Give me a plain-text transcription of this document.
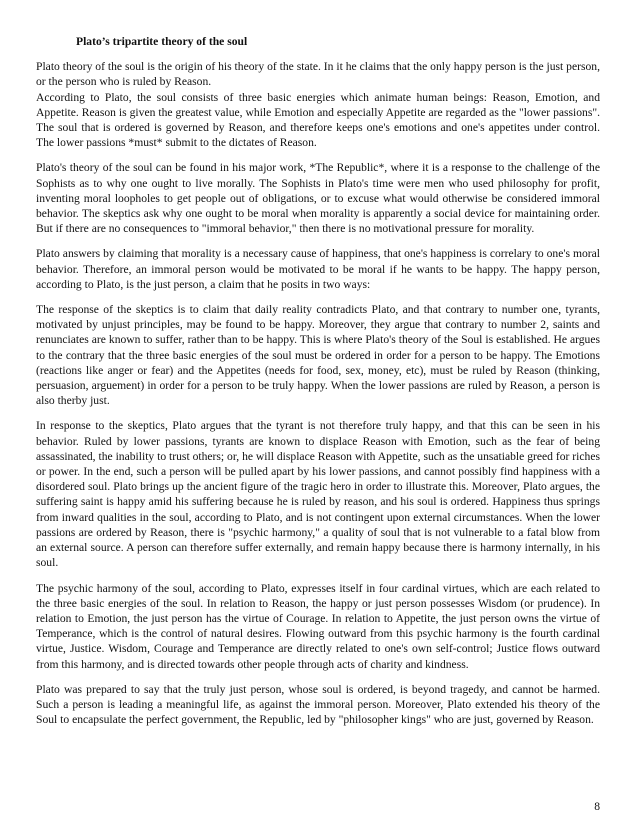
Plato’s tripartite theory of the soul

Plato theory of the soul is the origin of his theory of the state. In it he claims that the only happy person is the just person, or the person who is ruled by Reason.

According to Plato, the soul consists of three basic energies which animate human beings: Reason, Emotion, and Appetite. Reason is given the greatest value, while Emotion and especially Appetite are regarded as the "lower passions". The soul that is ordered is governed by Reason, and therefore keeps one's emotions and one's appetites under control. The lower passions *must* submit to the dictates of Reason.

Plato's theory of the soul can be found in his major work, *The Republic*, where it is a response to the challenge of the Sophists as to why one ought to live morally. The Sophists in Plato's time were men who used philosophy for profit, inventing moral loopholes to get people out of obligations, or to excuse what would otherwise be considered immoral behavior. The skeptics ask why one ought to be moral when morality is apparently a social device for maintaining order. But if there are no consequences to "immoral behavior," then there is no motivational pressure for morality.

Plato answers by claiming that morality is a necessary cause of happiness, that one's happiness is correlary to one's moral behavior. Therefore, an immoral person would be motivated to be moral if he wants to be happy. The happy person, according to Plato, is the just person, a claim that he posits in two ways:

The response of the skeptics is to claim that daily reality contradicts Plato, and that contrary to number one, tyrants, motivated by unjust principles, may be found to be happy. Moreover, they argue that contrary to number 2, saints and renunciates are known to suffer, rather than to be happy. This is where Plato's theory of the Soul is established. He argues to the contrary that the three basic energies of the soul must be ordered in order for a person to be happy. The Emotions (reactions like anger or fear) and the Appetites (needs for food, sex, money, etc), must be ruled by Reason (thinking, persuasion, arguement) in order for a person to be truly happy. When the lower passions are ruled by Reason, a person is also therby just.

In response to the skeptics, Plato argues that the tyrant is not therefore truly happy, and that this can be seen in his behavior. Ruled by lower passions, tyrants are known to displace Reason with Emotion, such as the fear of being assassinated, the inability to trust others; or, he will displace Reason with Appetite, such as the unsatiable greed for riches or power. In the end, such a person will be pulled apart by his lower passions, and cannot possibly find happiness with a disordered soul. Plato brings up the ancient figure of the tragic hero in order to illustrate this. Moreover, Plato argues, the suffering saint is happy amid his suffering because he is ruled by reason, and his soul is ordered. Happiness thus springs from inward qualities in the soul, according to Plato, and is not contingent upon external circumstances. When the lower passions are ordered by Reason, there is "psychic harmony," a quality of soul that is not vulnerable to a fatal blow from an external source. A person can therefore suffer externally, and remain happy because there is harmony internally, in his soul.

The psychic harmony of the soul, according to Plato, expresses itself in four cardinal virtues, which are each related to the three basic energies of the soul. In relation to Reason, the happy or just person possesses Wisdom (or prudence). In relation to Emotion, the just person has the virtue of Courage. In relation to Appetite, the just person owns the virtue of Temperance, which is the control of natural desires. Flowing outward from this psychic harmony is the fourth cardinal virtue, Justice. Wisdom, Courage and Temperance are directly related to one's own self-control; Justice flows outward from this harmony, and is directed towards other people through acts of charity and kindness.

Plato was prepared to say that the truly just person, whose soul is ordered, is beyond tragedy, and cannot be harmed. Such a person is leading a meaningful life, as against the immoral person. Moreover, Plato extended his theory of the Soul to encapsulate the perfect government, the Republic, led by "philosopher kings" who are just, governed by Reason.

8
